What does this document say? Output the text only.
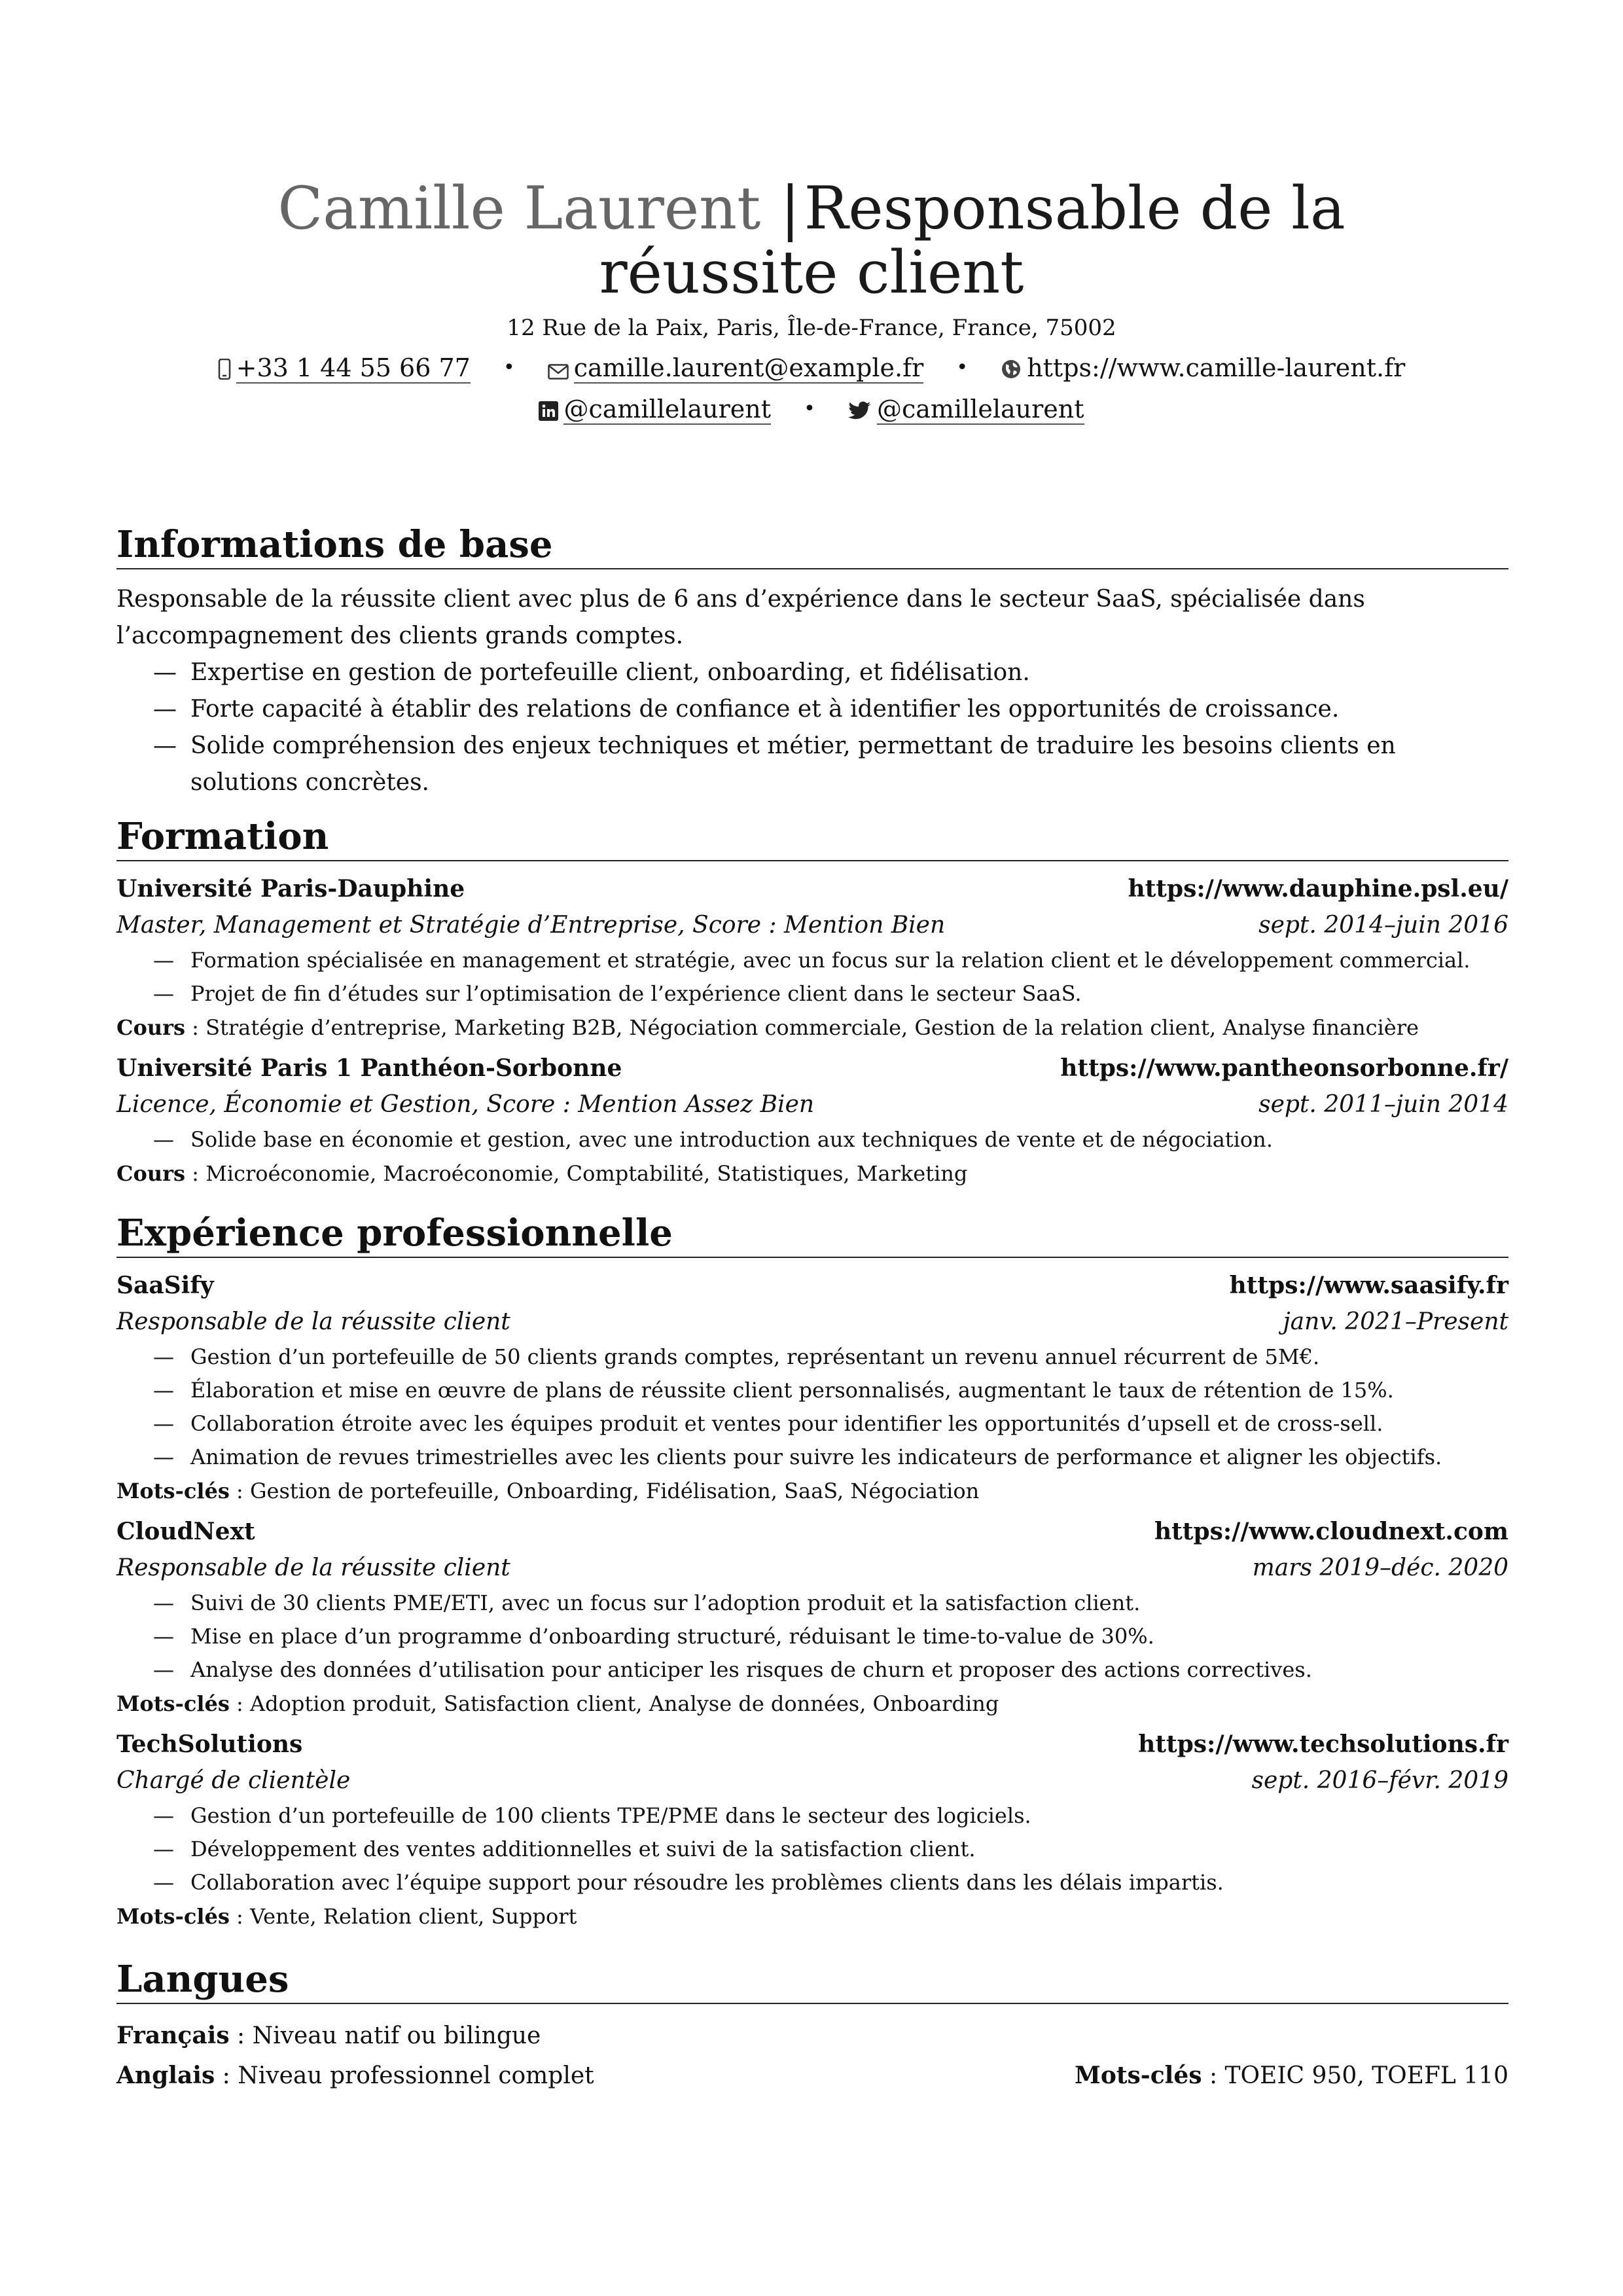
Camille Laurent |Responsable de la
réussite client
12 Rue de la Paix, Paris, Île-de-France, France, 75002
+33 1 44 55 66 77 • camille.laurent@example.fr • https://www.camille-laurent.fr
@camillelaurent • @camillelaurent
Informations de base

Responsable de la réussite client avec plus de 6 ans d’expérience dans le secteur SaaS, spécialisée dans l’accompagnement des clients grands comptes.

— Expertise en gestion de portefeuille client, onboarding, et fidélisation.
— Forte capacité à établir des relations de confiance et à identifier les opportunités de croissance.
— Solide compréhension des enjeux techniques et métier, permettant de traduire les besoins clients en solutions concrètes.
Formation
Université Paris-Dauphine	https://www.dauphine.psl.eu/
Master, Management et Stratégie d’Entreprise, Score : Mention Bien	sept. 2014–juin 2016
— Formation spécialisée en management et stratégie, avec un focus sur la relation client et le développement commercial.
— Projet de fin d’études sur l’optimisation de l’expérience client dans le secteur SaaS.
Cours : Stratégie d’entreprise, Marketing B2B, Négociation commerciale, Gestion de la relation client, Analyse financière
Université Paris 1 Panthéon-Sorbonne	https://www.pantheonsorbonne.fr/
Licence, Économie et Gestion, Score : Mention Assez Bien	sept. 2011–juin 2014
— Solide base en économie et gestion, avec une introduction aux techniques de vente et de négociation.
Cours : Microéconomie, Macroéconomie, Comptabilité, Statistiques, Marketing
Expérience professionnelle
SaaSify	https://www.saasify.fr
Responsable de la réussite client	janv. 2021–Present
— Gestion d’un portefeuille de 50 clients grands comptes, représentant un revenu annuel récurrent de 5M€.
— Élaboration et mise en œuvre de plans de réussite client personnalisés, augmentant le taux de rétention de 15%.
— Collaboration étroite avec les équipes produit et ventes pour identifier les opportunités d’upsell et de cross-sell.
— Animation de revues trimestrielles avec les clients pour suivre les indicateurs de performance et aligner les objectifs.
Mots-clés : Gestion de portefeuille, Onboarding, Fidélisation, SaaS, Négociation
CloudNext	https://www.cloudnext.com
Responsable de la réussite client	mars 2019–déc. 2020
— Suivi de 30 clients PME/ETI, avec un focus sur l’adoption produit et la satisfaction client.
— Mise en place d’un programme d’onboarding structuré, réduisant le time-to-value de 30%.
— Analyse des données d’utilisation pour anticiper les risques de churn et proposer des actions correctives.
Mots-clés : Adoption produit, Satisfaction client, Analyse de données, Onboarding
TechSolutions	https://www.techsolutions.fr
Chargé de clientèle	sept. 2016–févr. 2019
— Gestion d’un portefeuille de 100 clients TPE/PME dans le secteur des logiciels.
— Développement des ventes additionnelles et suivi de la satisfaction client.
— Collaboration avec l’équipe support pour résoudre les problèmes clients dans les délais impartis.
Mots-clés : Vente, Relation client, Support
Langues
Français : Niveau natif ou bilingue
Anglais : Niveau professionnel complet	Mots-clés : TOEIC 950, TOEFL 110
